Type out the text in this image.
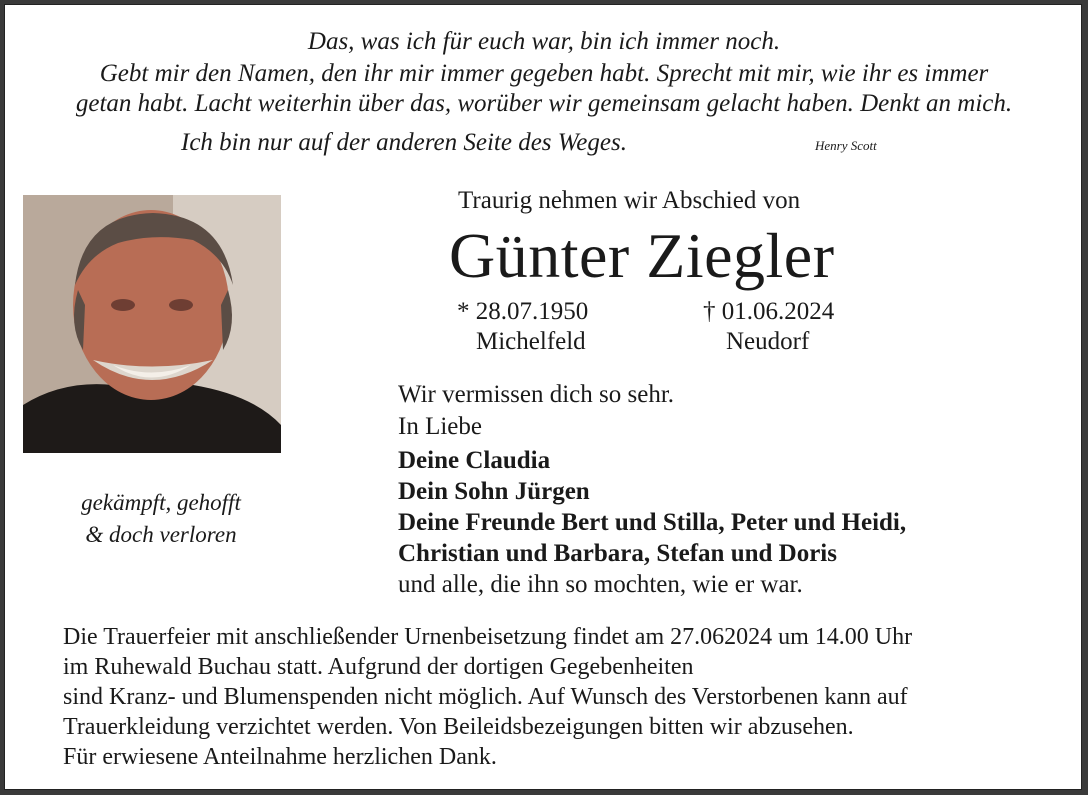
Das, was ich für euch war, bin ich immer noch.
Gebt mir den Namen, den ihr mir immer gegeben habt. Sprecht mit mir, wie ihr es immer
getan habt. Lacht weiterhin über das, worüber wir gemeinsam gelacht haben. Denkt an mich.
Ich bin nur auf der anderen Seite des Weges.	Henry Scott
gekämpft, gehofft
& doch verloren
Traurig nehmen wir Abschied von
Günter Ziegler
* 28.07.1950
Michelfeld
† 01.06.2024
Neudorf
Wir vermissen dich so sehr.
In Liebe
Deine Claudia
Dein Sohn Jürgen
Deine Freunde Bert und Stilla, Peter und Heidi,
Christian und Barbara, Stefan und Doris
und alle, die ihn so mochten, wie er war.
Die Trauerfeier mit anschließender Urnenbeisetzung findet am 27.062024 um 14.00 Uhr
im Ruhewald Buchau statt. Aufgrund der dortigen Gegebenheiten
sind Kranz- und Blumenspenden nicht möglich. Auf Wunsch des Verstorbenen kann auf
Trauerkleidung verzichtet werden. Von Beileidsbezeigungen bitten wir abzusehen.
Für erwiesene Anteilnahme herzlichen Dank.
